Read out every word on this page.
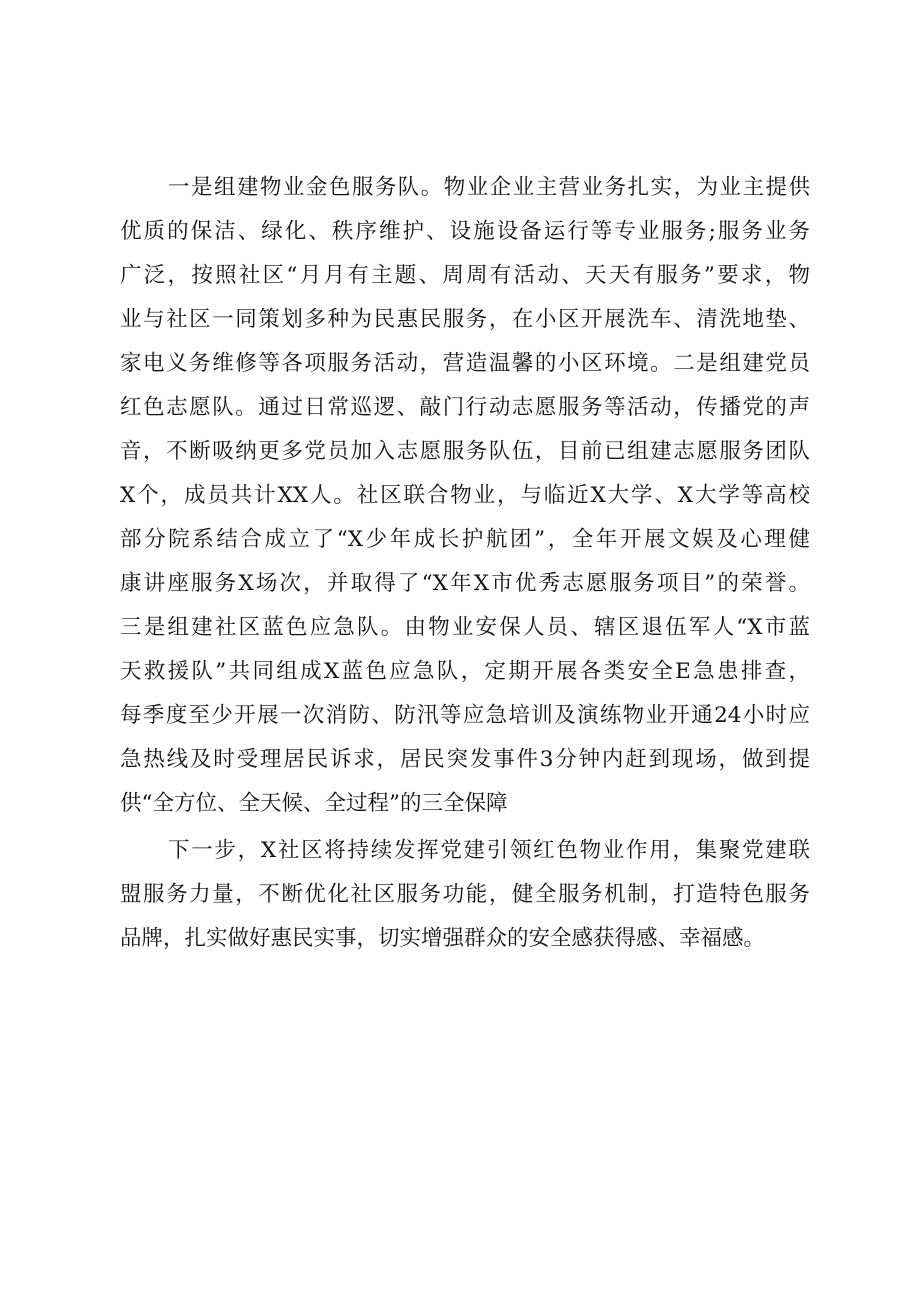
一是组建物业金色服务队。物业企业主营业务扎实，为业主提供
优质的保洁、绿化、秩序维护、设施设备运行等专业服务;服务业务
广泛，按照社区“月月有主题、周周有活动、天天有服务”要求，物
业与社区一同策划多种为民惠民服务，在小区开展洗车、清洗地垫、
家电义务维修等各项服务活动，营造温馨的小区环境。二是组建党员
红色志愿队。通过日常巡逻、敲门行动志愿服务等活动，传播党的声
音，不断吸纳更多党员加入志愿服务队伍，目前已组建志愿服务团队
X个，成员共计XX人。社区联合物业，与临近X大学、X大学等高校
部分院系结合成立了“X少年成长护航团”，全年开展文娱及心理健
康讲座服务X场次，并取得了“X年X市优秀志愿服务项目”的荣誉。
三是组建社区蓝色应急队。由物业安保人员、辖区退伍军人“X市蓝
天救援队”共同组成X蓝色应急队，定期开展各类安全E急患排查，
每季度至少开展一次消防、防汛等应急培训及演练物业开通24小时应
急热线及时受理居民诉求，居民突发事件3分钟内赶到现场，做到提
供“全方位、全天候、全过程”的三全保障
下一步，X社区将持续发挥党建引领红色物业作用，集聚党建联
盟服务力量，不断优化社区服务功能，健全服务机制，打造特色服务
品牌，扎实做好惠民实事，切实增强群众的安全感获得感、幸福感。
